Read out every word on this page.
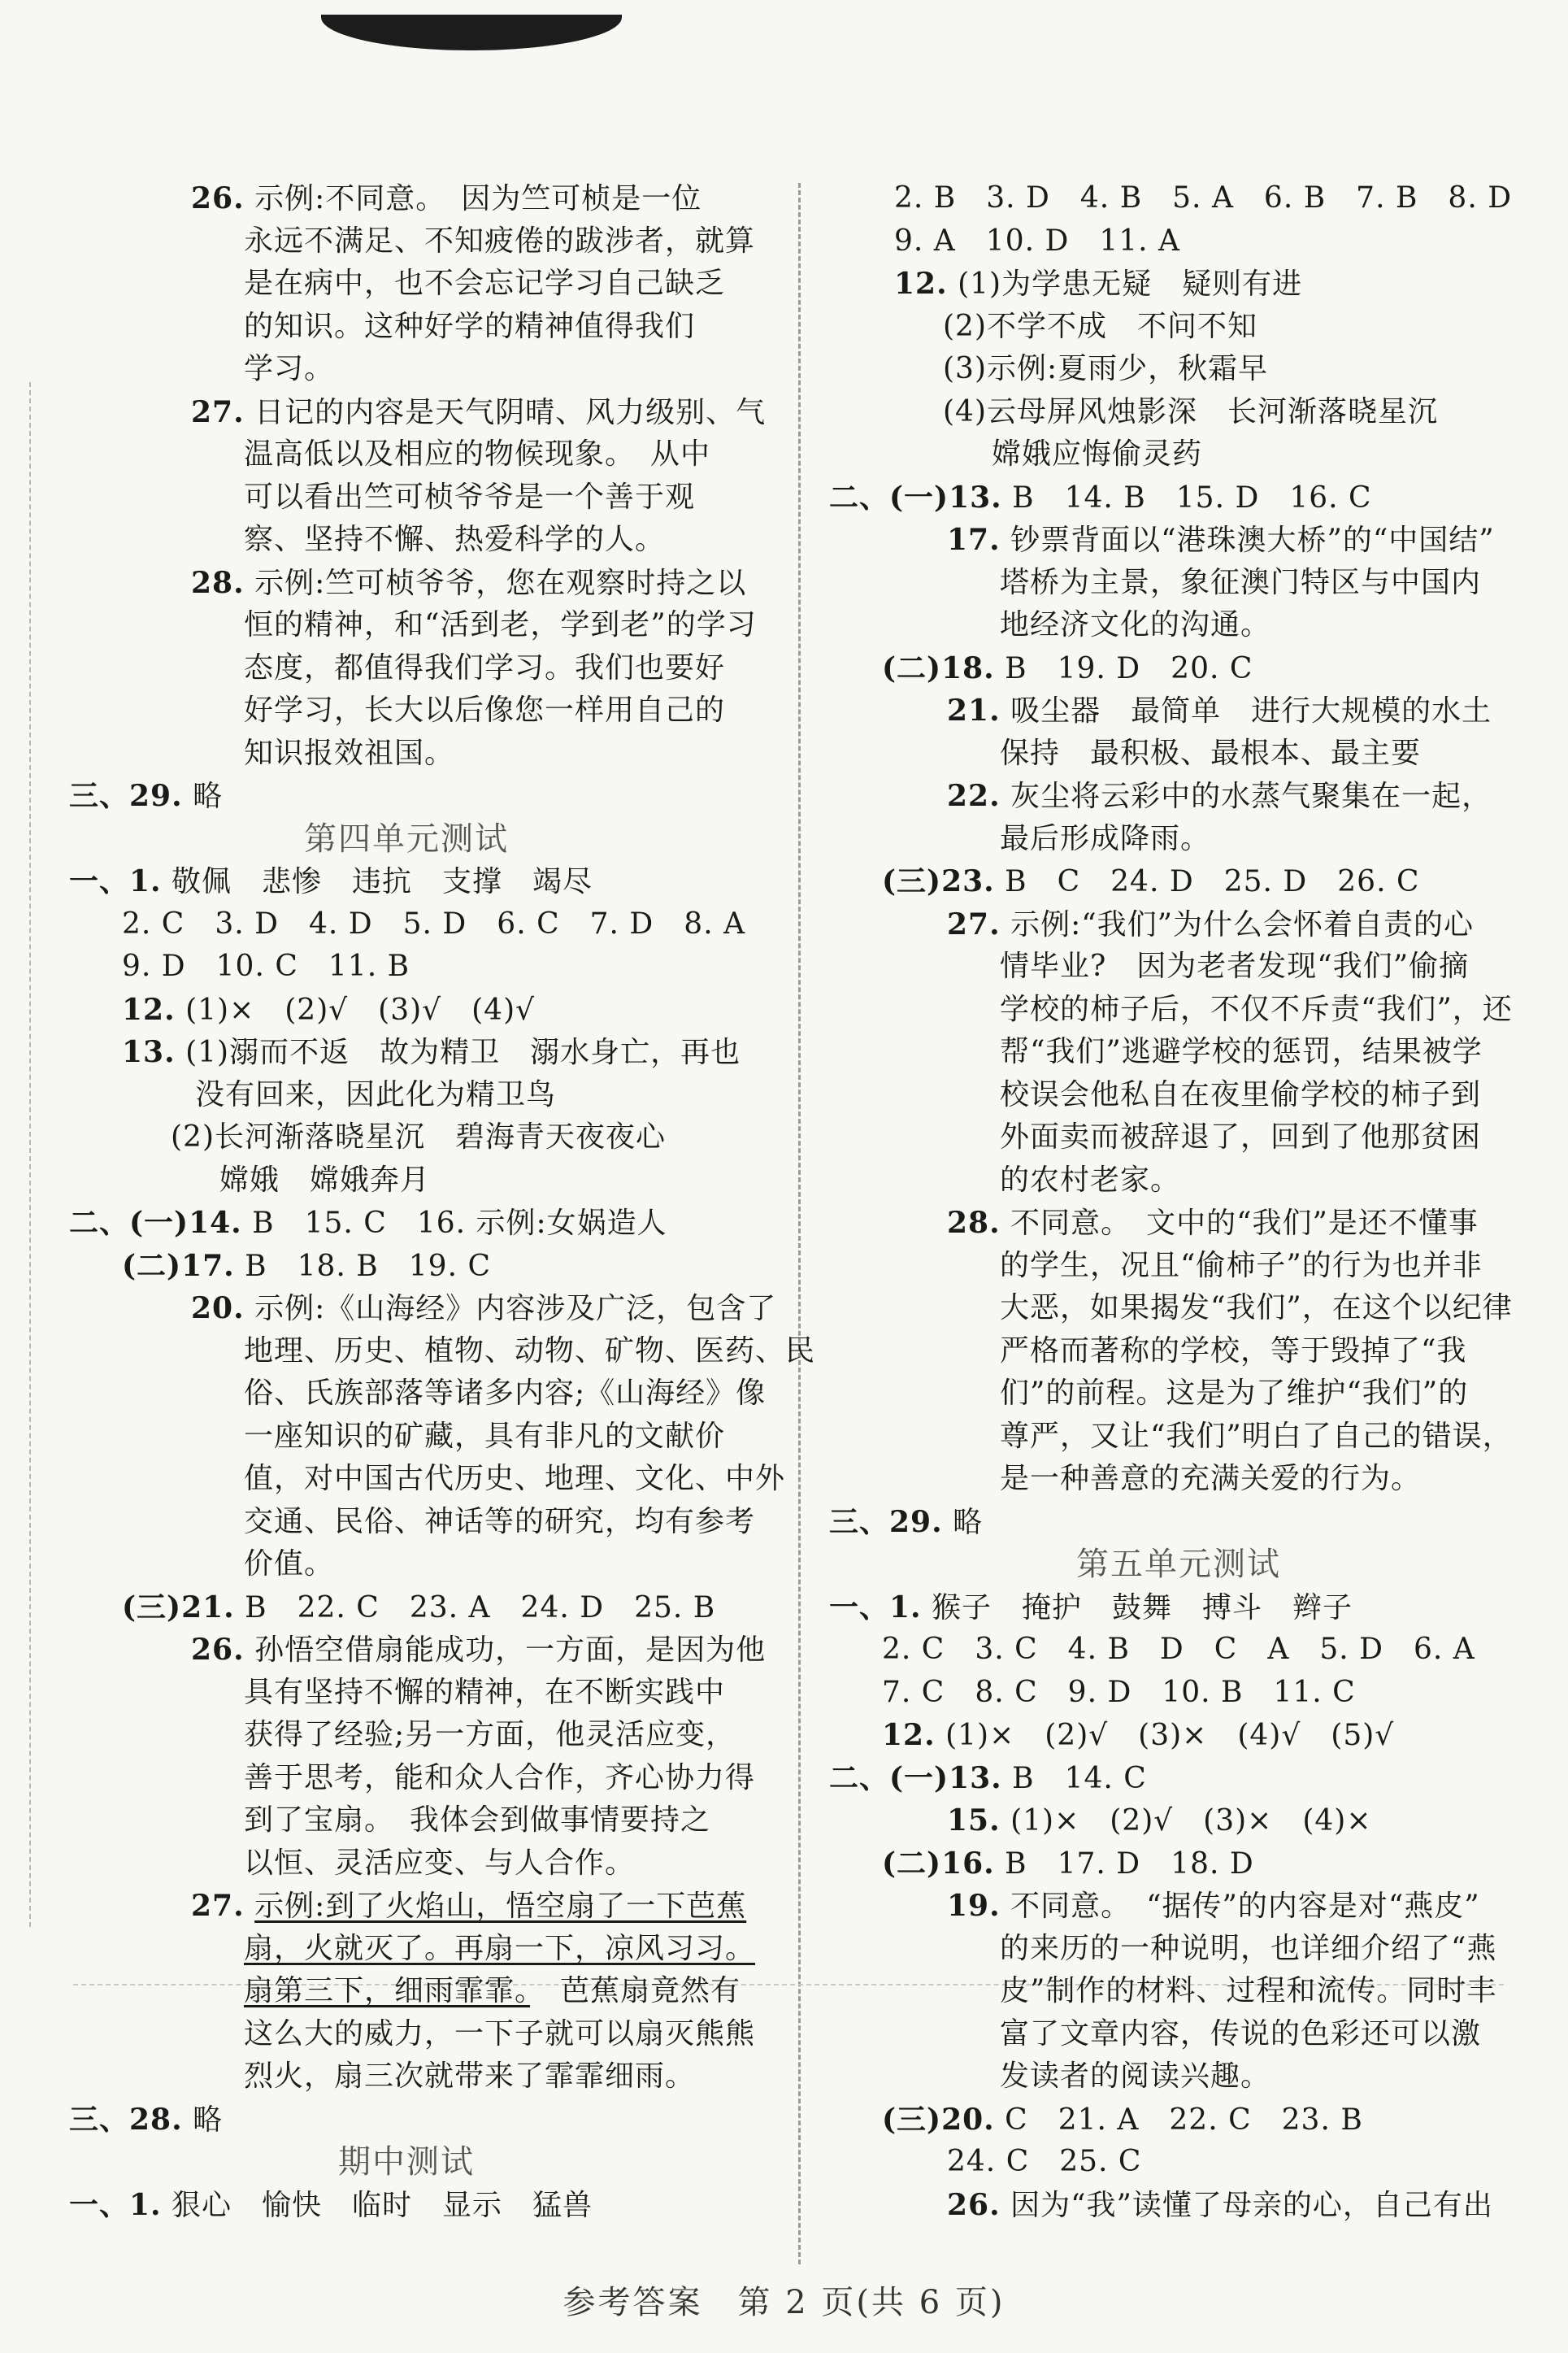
26. 示例:不同意。　因为竺可桢是一位
永远不满足、不知疲倦的跋涉者，就算
是在病中，也不会忘记学习自己缺乏
的知识。这种好学的精神值得我们
学习。
27. 日记的内容是天气阴晴、风力级别、气
温高低以及相应的物候现象。　从中
可以看出竺可桢爷爷是一个善于观
察、坚持不懈、热爱科学的人。
28. 示例:竺可桢爷爷，您在观察时持之以
恒的精神，和“活到老，学到老”的学习
态度，都值得我们学习。我们也要好
好学习，长大以后像您一样用自己的
知识报效祖国。
三、29. 略
第四单元测试
一、1. 敬佩　悲惨　违抗　支撑　竭尽
2. C　3. D　4. D　5. D　6. C　7. D　8. A
9. D　10. C　11. B
12. (1)×　(2)√　(3)√　(4)√
13. (1)溺而不返　故为精卫　溺水身亡，再也
没有回来，因此化为精卫鸟
(2)长河渐落晓星沉　碧海青天夜夜心
嫦娥　嫦娥奔月
二、(一)14. B　15. C　16. 示例:女娲造人
(二)17. B　18. B　19. C
20. 示例:《山海经》内容涉及广泛，包含了
地理、历史、植物、动物、矿物、医药、民
俗、氏族部落等诸多内容;《山海经》像
一座知识的矿藏，具有非凡的文献价
值，对中国古代历史、地理、文化、中外
交通、民俗、神话等的研究，均有参考
价值。
(三)21. B　22. C　23. A　24. D　25. B
26. 孙悟空借扇能成功，一方面，是因为他
具有坚持不懈的精神，在不断实践中
获得了经验;另一方面，他灵活应变，
善于思考，能和众人合作，齐心协力得
到了宝扇。　我体会到做事情要持之
以恒、灵活应变、与人合作。
27. 示例:到了火焰山，悟空扇了一下芭蕉
扇，火就灭了。再扇一下，凉风习习。
扇第三下，细雨霏霏。　芭蕉扇竟然有
这么大的威力，一下子就可以扇灭熊熊
烈火，扇三次就带来了霏霏细雨。
三、28. 略
期中测试
一、1. 狠心　愉快　临时　显示　猛兽
2. B　3. D　4. B　5. A　6. B　7. B　8. D
9. A　10. D　11. A
12. (1)为学患无疑　疑则有进
(2)不学不成　不问不知
(3)示例:夏雨少，秋霜早
(4)云母屏风烛影深　长河渐落晓星沉
嫦娥应悔偷灵药
二、(一)13. B　14. B　15. D　16. C
17. 钞票背面以“港珠澳大桥”的“中国结”
塔桥为主景，象征澳门特区与中国内
地经济文化的沟通。
(二)18. B　19. D　20. C
21. 吸尘器　最简单　进行大规模的水土
保持　最积极、最根本、最主要
22. 灰尘将云彩中的水蒸气聚集在一起，
最后形成降雨。
(三)23. B　C　24. D　25. D　26. C
27. 示例:“我们”为什么会怀着自责的心
情毕业?　因为老者发现“我们”偷摘
学校的柿子后，不仅不斥责“我们”，还
帮“我们”逃避学校的惩罚，结果被学
校误会他私自在夜里偷学校的柿子到
外面卖而被辞退了，回到了他那贫困
的农村老家。
28. 不同意。　文中的“我们”是还不懂事
的学生，况且“偷柿子”的行为也并非
大恶，如果揭发“我们”，在这个以纪律
严格而著称的学校，等于毁掉了“我
们”的前程。这是为了维护“我们”的
尊严，又让“我们”明白了自己的错误，
是一种善意的充满关爱的行为。
三、29. 略
第五单元测试
一、1. 猴子　掩护　鼓舞　搏斗　辫子
2. C　3. C　4. B　D　C　A　5. D　6. A
7. C　8. C　9. D　10. B　11. C
12. (1)×　(2)√　(3)×　(4)√　(5)√
二、(一)13. B　14. C
15. (1)×　(2)√　(3)×　(4)×
(二)16. B　17. D　18. D
19. 不同意。　“据传”的内容是对“燕皮”
的来历的一种说明，也详细介绍了“燕
皮”制作的材料、过程和流传。同时丰
富了文章内容，传说的色彩还可以激
发读者的阅读兴趣。
(三)20. C　21. A　22. C　23. B
24. C　25. C
26. 因为“我”读懂了母亲的心，自己有出
参考答案　第 2 页(共 6 页)
